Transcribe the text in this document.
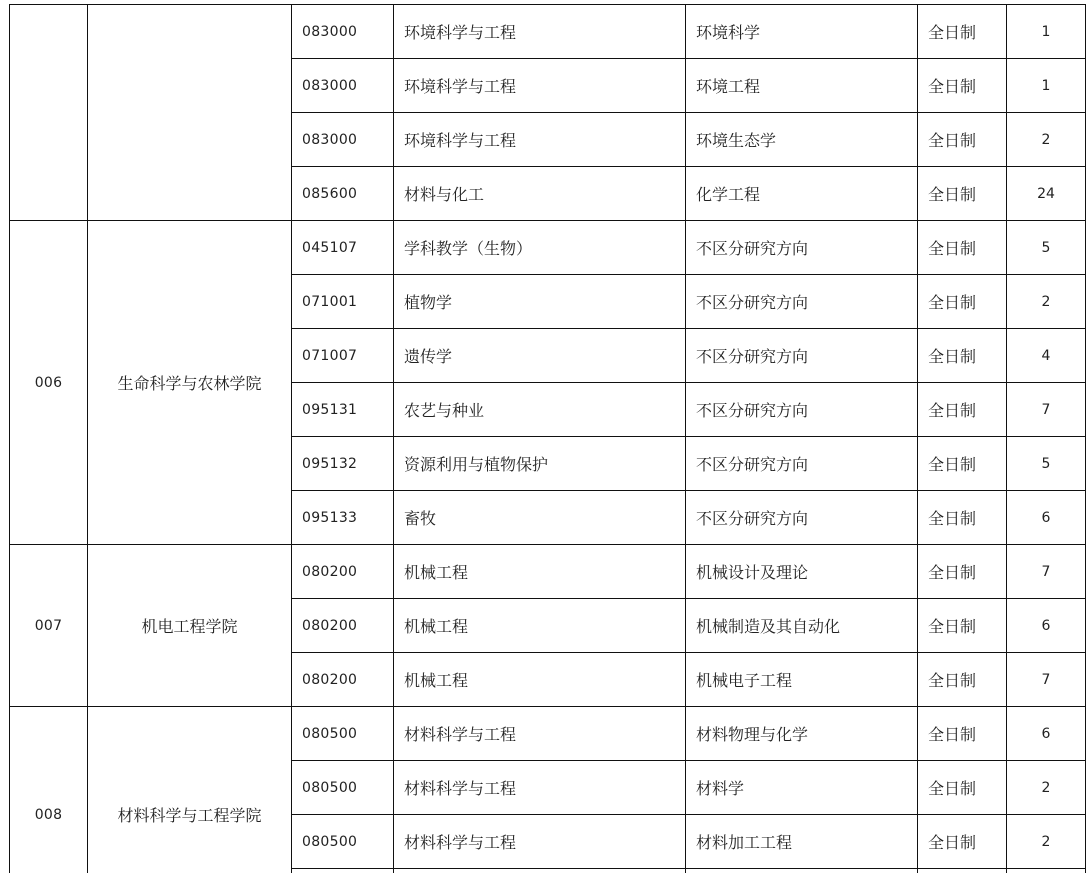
		083000	环境科学与工程	环境科学	全日制	1
		083000	环境科学与工程	环境工程	全日制	1
		083000	环境科学与工程	环境生态学	全日制	2
		085600	材料与化工	化学工程	全日制	24
006	生命科学与农林学院	045107	学科教学（生物）	不区分研究方向	全日制	5
		071001	植物学	不区分研究方向	全日制	2
		071007	遗传学	不区分研究方向	全日制	4
		095131	农艺与种业	不区分研究方向	全日制	7
		095132	资源利用与植物保护	不区分研究方向	全日制	5
		095133	畜牧	不区分研究方向	全日制	6
007	机电工程学院	080200	机械工程	机械设计及理论	全日制	7
		080200	机械工程	机械制造及其自动化	全日制	6
		080200	机械工程	机械电子工程	全日制	7
008	材料科学与工程学院	080500	材料科学与工程	材料物理与化学	全日制	6
		080500	材料科学与工程	材料学	全日制	2
		080500	材料科学与工程	材料加工工程	全日制	2
